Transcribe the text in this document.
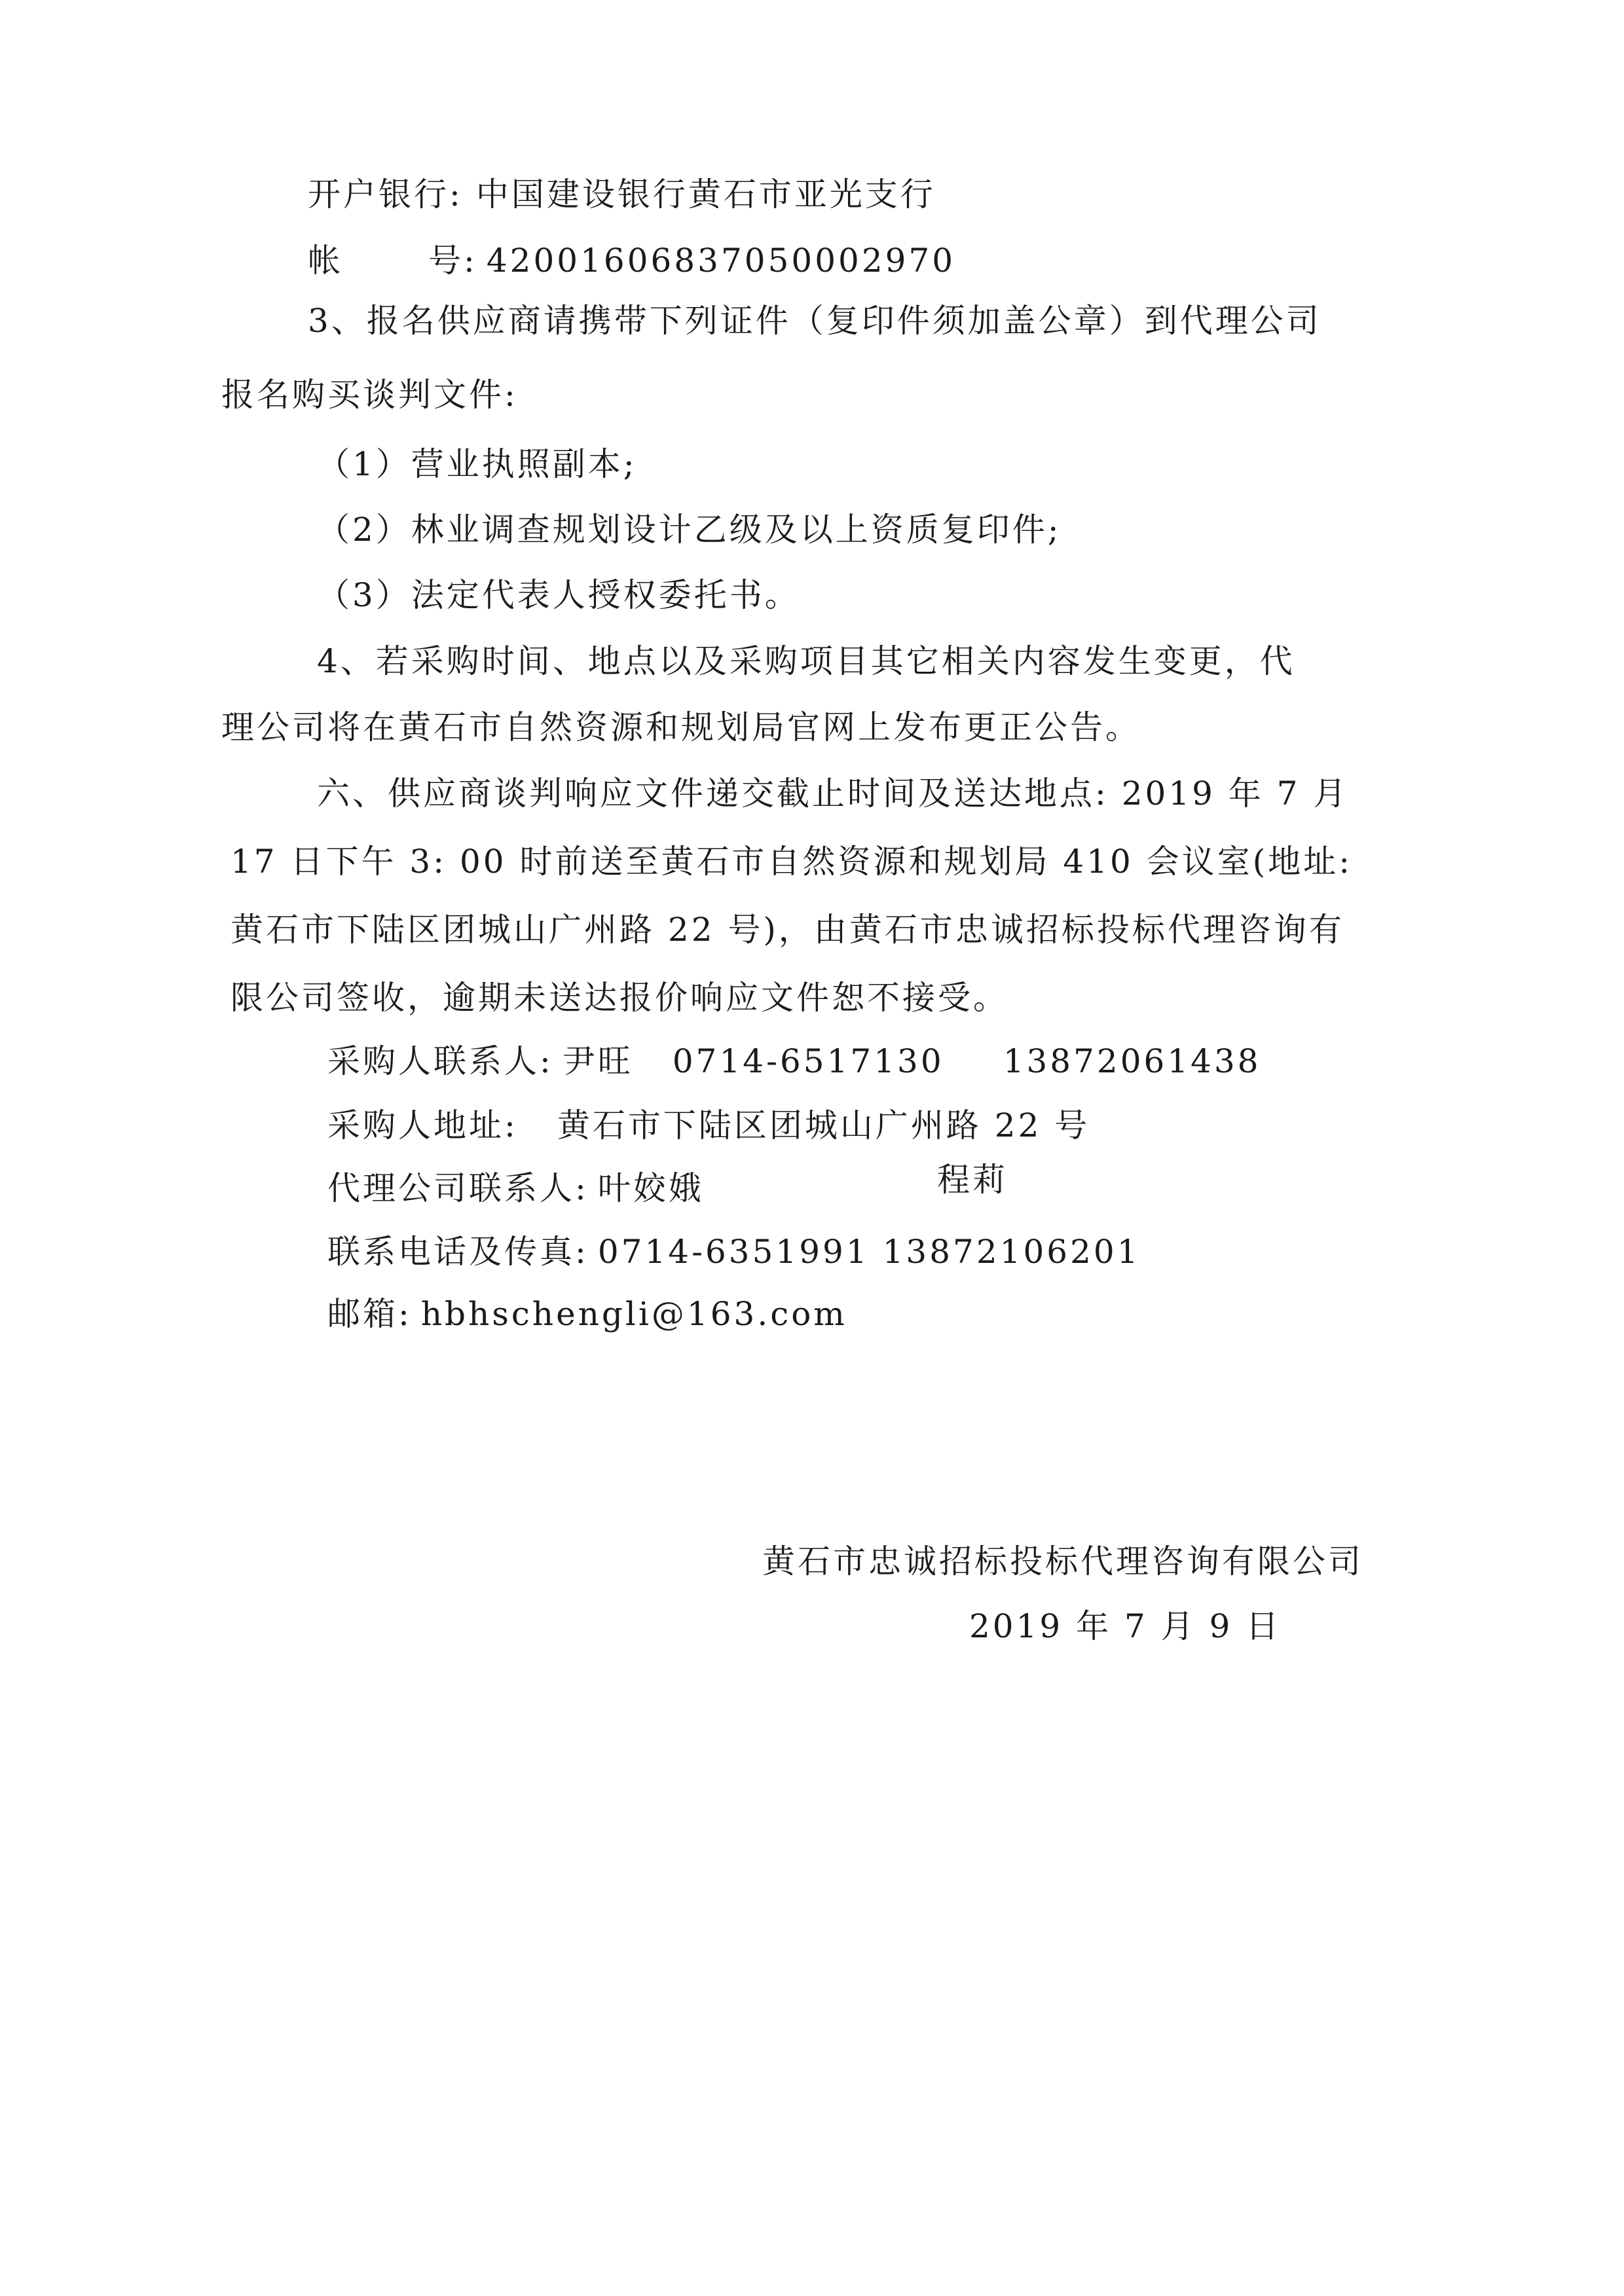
开户银行: 中国建设银行黄石市亚光支行
帐	号: 42001606837050002970
3、报名供应商请携带下列证件（复印件须加盖公章）到代理公司
报名购买谈判文件:
（1）营业执照副本;
（2）林业调查规划设计乙级及以上资质复印件;
（3）法定代表人授权委托书。
4、若采购时间、地点以及采购项目其它相关内容发生变更，代
理公司将在黄石市自然资源和规划局官网上发布更正公告。
六、供应商谈判响应文件递交截止时间及送达地点: 2019 年 7 月
17 日下午 3: 00 时前送至黄石市自然资源和规划局 410 会议室(地址:
黄石市下陆区团城山广州路 22 号)，由黄石市忠诚招标投标代理咨询有
限公司签收，逾期未送达报价响应文件恕不接受。
采购人联系人: 尹旺 0714-6517130 13872061438
采购人地址: 黄石市下陆区团城山广州路 22 号
代理公司联系人: 叶姣娥	程莉
联系电话及传真: 0714-6351991 13872106201
邮箱: hbhschengli@163.com
黄石市忠诚招标投标代理咨询有限公司
2019 年 7 月 9 日
